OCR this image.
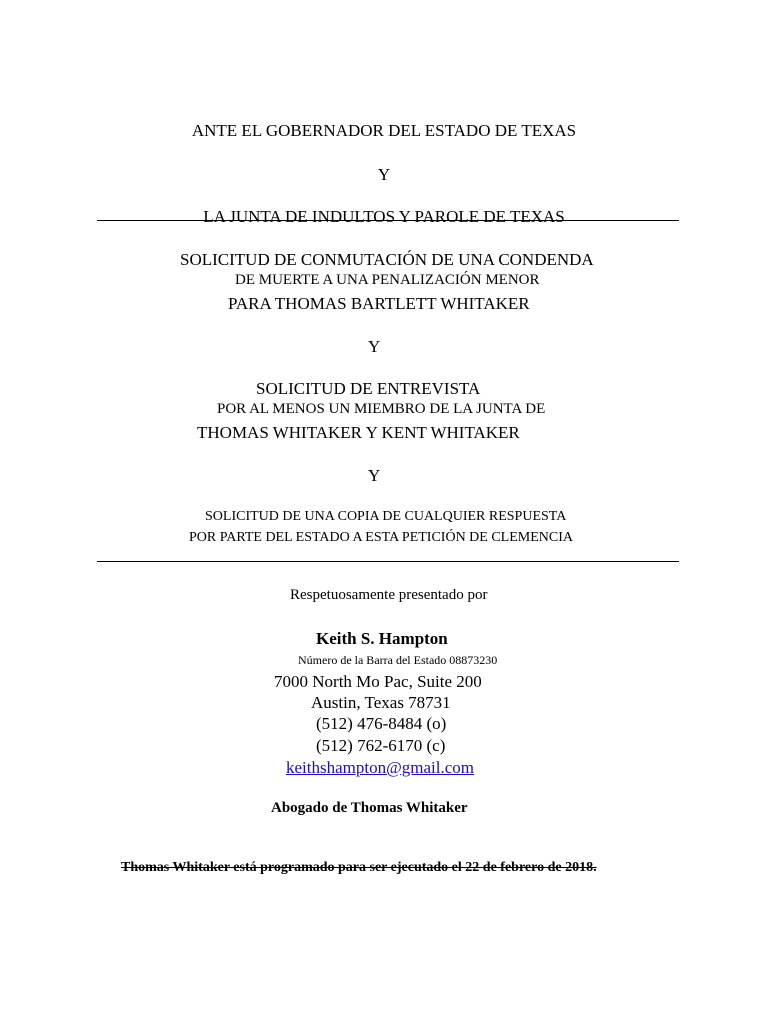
ANTE EL GOBERNADOR DEL ESTADO DE TEXAS
Y
LA JUNTA DE INDULTOS Y PAROLE DE TEXAS
SOLICITUD DE CONMUTACIÓN DE UNA CONDENDA
DE MUERTE A UNA PENALIZACIÓN MENOR
PARA THOMAS BARTLETT WHITAKER
Y
SOLICITUD DE ENTREVISTA
POR AL MENOS UN MIEMBRO DE LA JUNTA DE
THOMAS WHITAKER Y KENT WHITAKER
Y
SOLICITUD DE UNA COPIA DE CUALQUIER RESPUESTA
POR PARTE DEL ESTADO A ESTA PETICIÓN DE CLEMENCIA
Respetuosamente presentado por
Keith S. Hampton
Número de la Barra del Estado 08873230
7000 North Mo Pac, Suite 200
Austin, Texas 78731
(512) 476-8484 (o)
(512) 762-6170 (c)
keithshampton@gmail.com
Abogado de Thomas Whitaker
Thomas Whitaker está programado para ser ejecutado el 22 de febrero de 2018.
